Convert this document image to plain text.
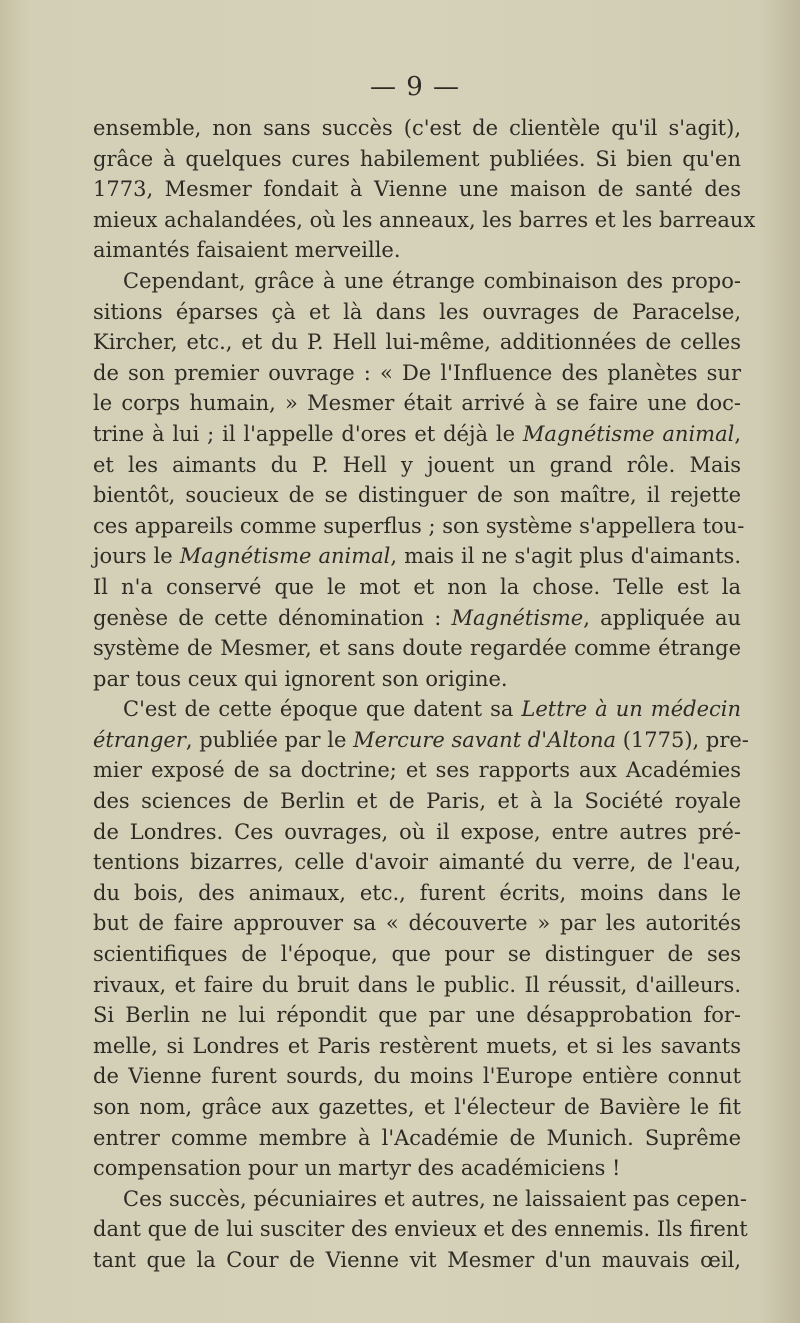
— 9 —
ensemble, non sans succès (c'est de clientèle qu'il s'agit),
grâce à quelques cures habilement publiées. Si bien qu'en
1773, Mesmer fondait à Vienne une maison de santé des
mieux achalandées, où les anneaux, les barres et les barreaux
aimantés faisaient merveille.
Cependant, grâce à une étrange combinaison des propo-
sitions éparses çà et là dans les ouvrages de Paracelse,
Kircher, etc., et du P. Hell lui-même, additionnées de celles
de son premier ouvrage : « De l'Influence des planètes sur
le corps humain, » Mesmer était arrivé à se faire une doc-
trine à lui ; il l'appelle d'ores et déjà le Magnétisme animal,
et les aimants du P. Hell y jouent un grand rôle. Mais
bientôt, soucieux de se distinguer de son maître, il rejette
ces appareils comme superflus ; son système s'appellera tou-
jours le Magnétisme animal, mais il ne s'agit plus d'aimants.
Il n'a conservé que le mot et non la chose. Telle est la
genèse de cette dénomination : Magnétisme, appliquée au
système de Mesmer, et sans doute regardée comme étrange
par tous ceux qui ignorent son origine.
C'est de cette époque que datent sa Lettre à un médecin
étranger, publiée par le Mercure savant d'Altona (1775), pre-
mier exposé de sa doctrine; et ses rapports aux Académies
des sciences de Berlin et de Paris, et à la Société royale
de Londres. Ces ouvrages, où il expose, entre autres pré-
tentions bizarres, celle d'avoir aimanté du verre, de l'eau,
du bois, des animaux, etc., furent écrits, moins dans le
but de faire approuver sa « découverte » par les autorités
scientifiques de l'époque, que pour se distinguer de ses
rivaux, et faire du bruit dans le public. Il réussit, d'ailleurs.
Si Berlin ne lui répondit que par une désapprobation for-
melle, si Londres et Paris restèrent muets, et si les savants
de Vienne furent sourds, du moins l'Europe entière connut
son nom, grâce aux gazettes, et l'électeur de Bavière le fit
entrer comme membre à l'Académie de Munich. Suprême
compensation pour un martyr des académiciens !
Ces succès, pécuniaires et autres, ne laissaient pas cepen-
dant que de lui susciter des envieux et des ennemis. Ils firent
tant que la Cour de Vienne vit Mesmer d'un mauvais œil,
